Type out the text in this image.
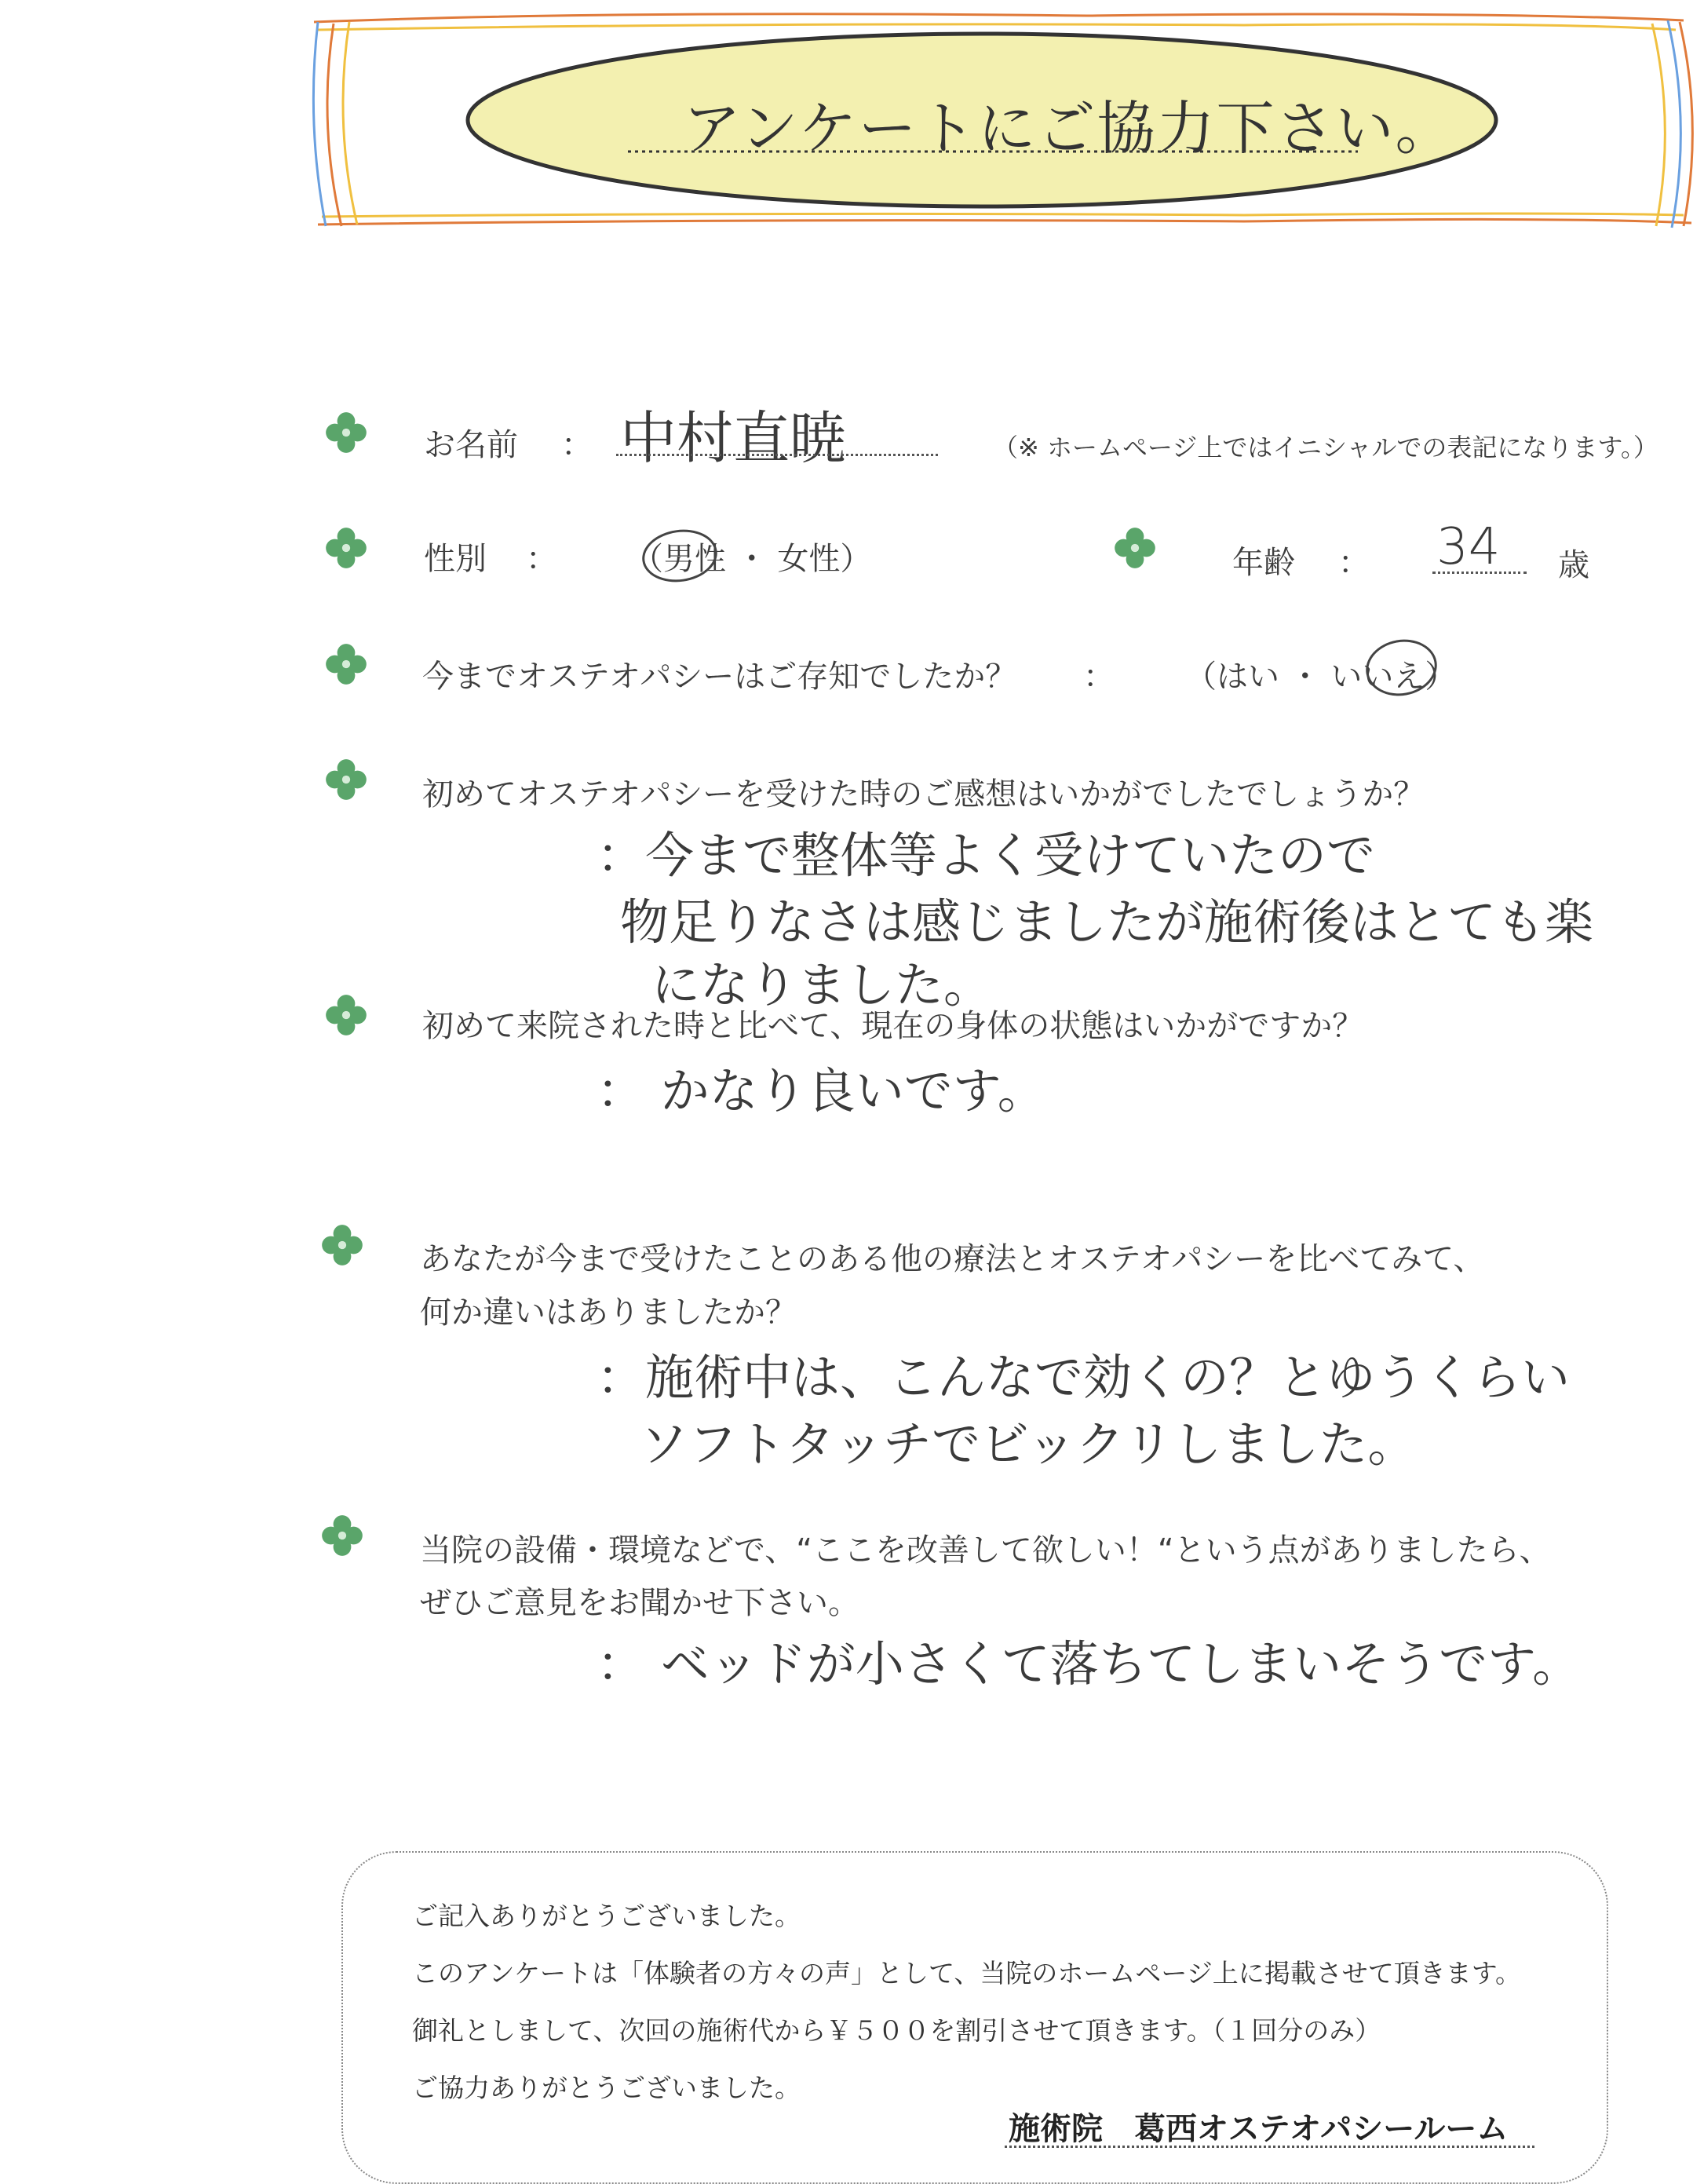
アンケートにご協力下さい。
お名前 ： 中村直暁	（※ ホームページ上ではイニシャルでの表記になります。）
性別 ： （男性 ・ 女性）	年齢 ： 34 歳
今までオステオパシーはご存知でしたか？ ： （はい ・ いいえ）
初めてオステオパシーを受けた時のご感想はいかがでしたでしょうか？
：今まで整体等よく受けていたので
物足りなさは感じましたが施術後はとても楽
になりました。
初めて来院された時と比べて、現在の身体の状態はいかがですか？
： かなり良いです。
あなたが今まで受けたことのある他の療法とオステオパシーを比べてみて、
何か違いはありましたか？
：施術中は、こんなで効くの？とゆうくらい
ソフトタッチでビックリしました。
当院の設備・環境などで、“ここを改善して欲しい！“という点がありましたら、
ぜひご意見をお聞かせ下さい。
： ベッドが小さくて落ちてしまいそうです。
ご記入ありがとうございました。
このアンケートは「体験者の方々の声」として、当院のホームページ上に掲載させて頂きます。
御礼としまして、次回の施術代から￥５００を割引させて頂きます。（１回分のみ）
ご協力ありがとうございました。
施術院　葛西オステオパシールーム
